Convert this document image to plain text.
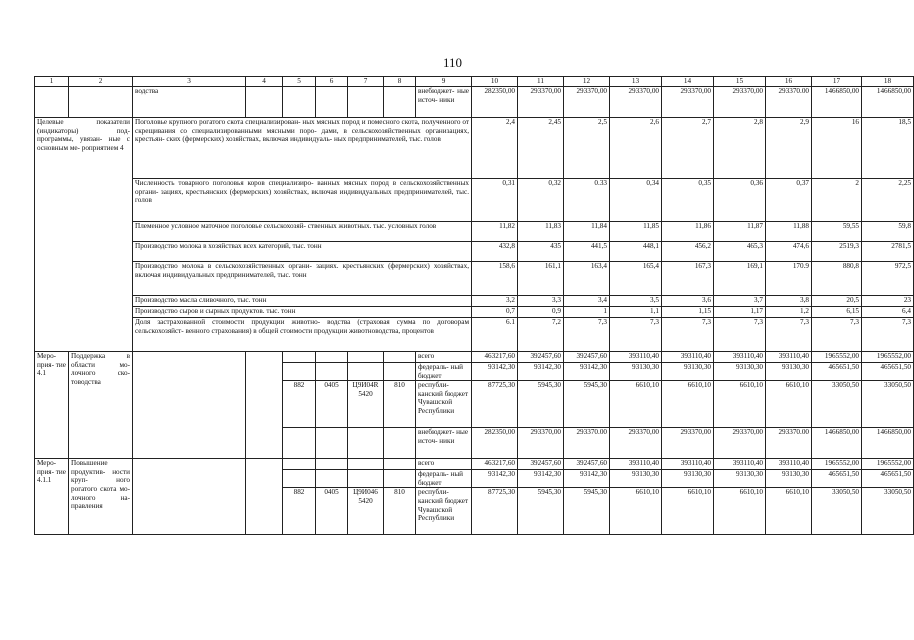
110
1	2	3	4	5	6	7	8	9	10	11	12	13	14	15	16	17	18
		водства						внебюджет- ные источ- ники	282350,00	293370,00	293370,00	293370,00	293370,00	293370,00	293370.00	1466850,00	1466850,00
Целевые показатели (индикаторы) под- программы, увязан- ные с основным ме- роприятием 4		Поголовье крупного рогатого скота специализирован- ных мясных пород и помесного скота, полученного от скрещивания со специализированными мясными поро- дами, в сельскохозяйственных организациях, крестьян- ских (фермерских) хозяйствах, включая индивидуаль- ных предпринимателей, тыс. голов							2,4	2,45	2,5	2,6	2,7	2,8	2,9	16	18,5
		Численность товарного поголовья коров специализиро- ванных мясных пород в сельскохозяйственных органи- зациях, крестьянских (фермерских) хозяйствах, включая индивидуальных предпринимателей, тыс. голов							0,31	0,32	0.33	0,34	0,35	0,36	0,37	2	2,25
		Племенное условное маточное поголовье сельскохозяй- ственных животных. тыс. условных голов							11,82	11,83	11,84	11,85	11,86	11,87	11,88	59,55	59,8
		Производство молока в хозяйствах всех категорий, тыс. тонн							432,8	435	441,5	448,1	456,2	465,3	474,6	2519,3	2781,5
		Производство молока в сельскохозяйственных органи- зациях. крестьянских (фермерских) хозяйствах, включая индивидуальных предпринимателей, тыс. тонн							158,6	161,1	163,4	165,4	167,3	169,1	170.9	880,8	972,5
		Производство масла сливочного, тыс. тонн							3,2	3,3	3,4	3,5	3,6	3,7	3,8	20,5	23
		Производство сыров и сырных продуктов. тыс. тонн							0,7	0,9	1	1,1	1,15	1,17	1,2	6,15	6,4
		Доля застрахованной стоимости продукции животно- водства (страховая сумма по договорам сельскохозяйст- венного страхования) в общей стоимости продукции животноводства, процентов							6.1	7,2	7,3	7,3	7,3	7,3	7,3	7,3	7,3
Меро- прия- тие 4.1	Поддержка в области мо- лочного ско- товодства							всего	463217,60	392457,60	392457,60	393110,40	393110,40	393110,40	393110,40	1965552,00	1965552,00
								федераль- ный бюджет	93142,30	93142,30	93142,30	93130,30	93130,30	93130,30	93130,30	465651,50	465651,50
				882	0405	Ц9И04R 5420	810	республи- канский бюджет Чувашской Республики	87725,30	5945,30	5945,30	6610,10	6610,10	6610,10	6610,10	33050,50	33050,50
								внебюджет- ные источ- ники	282350,00	293370,00	293370.00	293370,00	293370,00	293370,00	293370.00	1466850,00	1466850,00
Меро- прия- тие 4.1.1	Повышение продуктив- ности круп- ного рогатого скота мо- лочного на- правления							всего	463217,60	392457,60	392457,60	393110,40	393110,40	393110,40	393110,40	1965552,00	1965552,00
								федераль- ный бюджет	93142,30	93142,30	93142,30	93130,30	93130,30	93130,30	93130,30	465651,50	465651,50
				882	0405	Ц9И046 5420	810	республи- канский бюджет Чувашской Республики	87725,30	5945,30	5945,30	6610,10	6610,10	6610,10	6610,10	33050,50	33050,50
